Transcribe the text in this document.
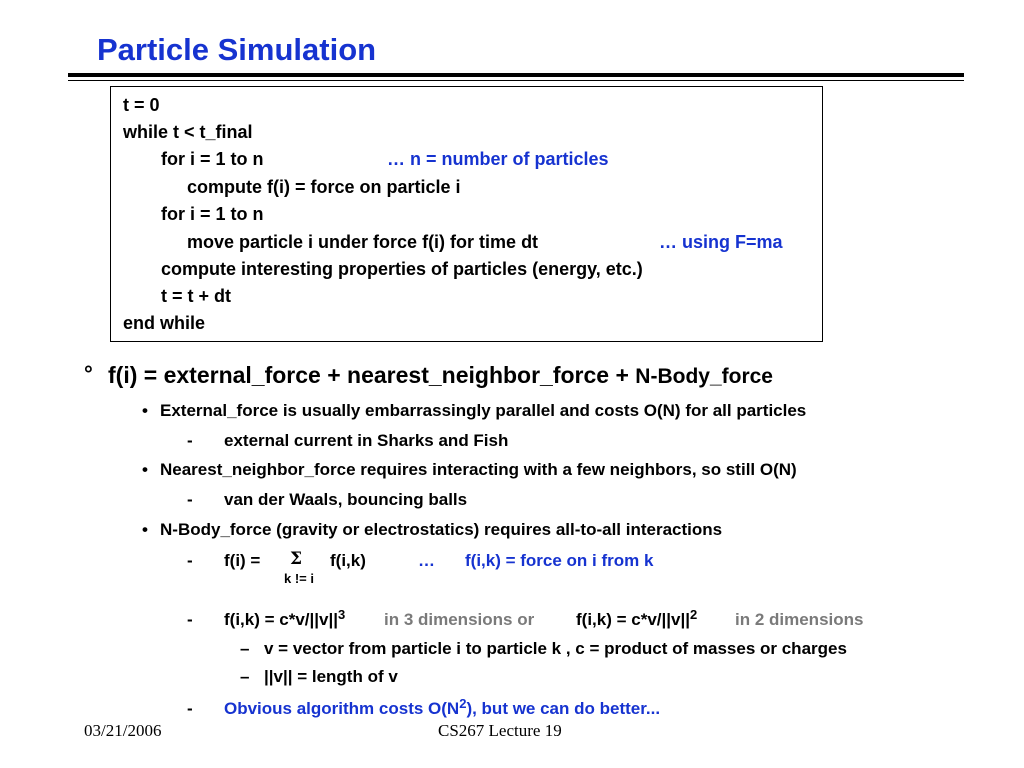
Particle Simulation
t = 0
while t < t_final
for i = 1 to n	… n = number of particles
compute f(i) = force on particle i
for i = 1 to n
move particle i under force f(i) for time dt	… using F=ma
compute interesting properties of particles (energy, etc.)
t = t + dt
end while
° f(i) = external_force + nearest_neighbor_force + N-Body_force
• External_force is usually embarrassingly parallel and costs O(N) for all particles
- external current in Sharks and Fish
• Nearest_neighbor_force requires interacting with a few neighbors, so still O(N)
- van der Waals, bouncing balls
• N-Body_force (gravity or electrostatics) requires all-to-all interactions
- f(i) = Σ f(i,k)	… f(i,k) = force on i from k
k != i
- $f(i,k) = c*v/||v||^3$ in 3 dimensions or $f(i,k) = c*v/||v||^2$ in 2 dimensions
– v = vector from particle i to particle k , c = product of masses or charges
– ||v|| = length of v
- Obvious algorithm costs $O(N^2)$, but we can do better...
03/21/2006	CS267 Lecture 19
